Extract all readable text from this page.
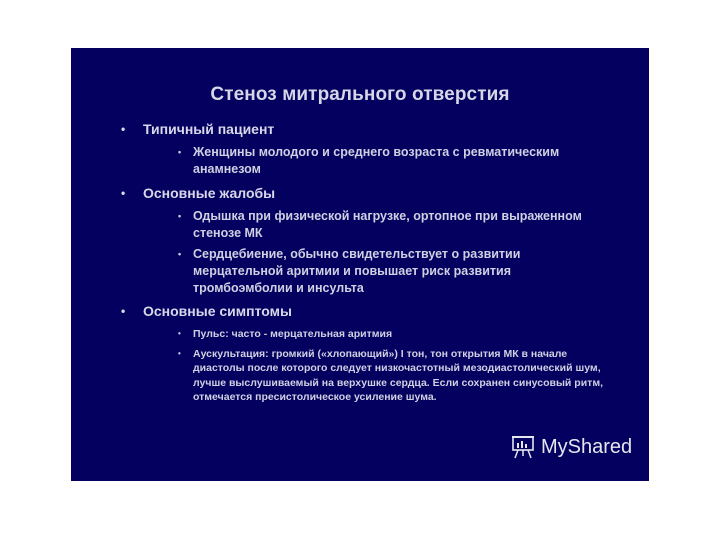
Стеноз митрального отверстия
• Типичный пациент
• Женщины молодого и среднего возраста с ревматическим анамнезом
• Основные жалобы
• Одышка при физической нагрузке, ортопное при выраженном стенозе МК
• Сердцебиение, обычно свидетельствует о развитии мерцательной аритмии и повышает риск развития тромбоэмболии и инсульта
• Основные симптомы
• Пульс: часто - мерцательная аритмия
• Аускультация: громкий («хлопающий») I тон, тон открытия МК в начале диастолы после которого следует низкочастотный мезодиастолический шум, лучше выслушиваемый на верхушке сердца. Если сохранен синусовый ритм, отмечается пресистолическое усиление шума.
MyShared
